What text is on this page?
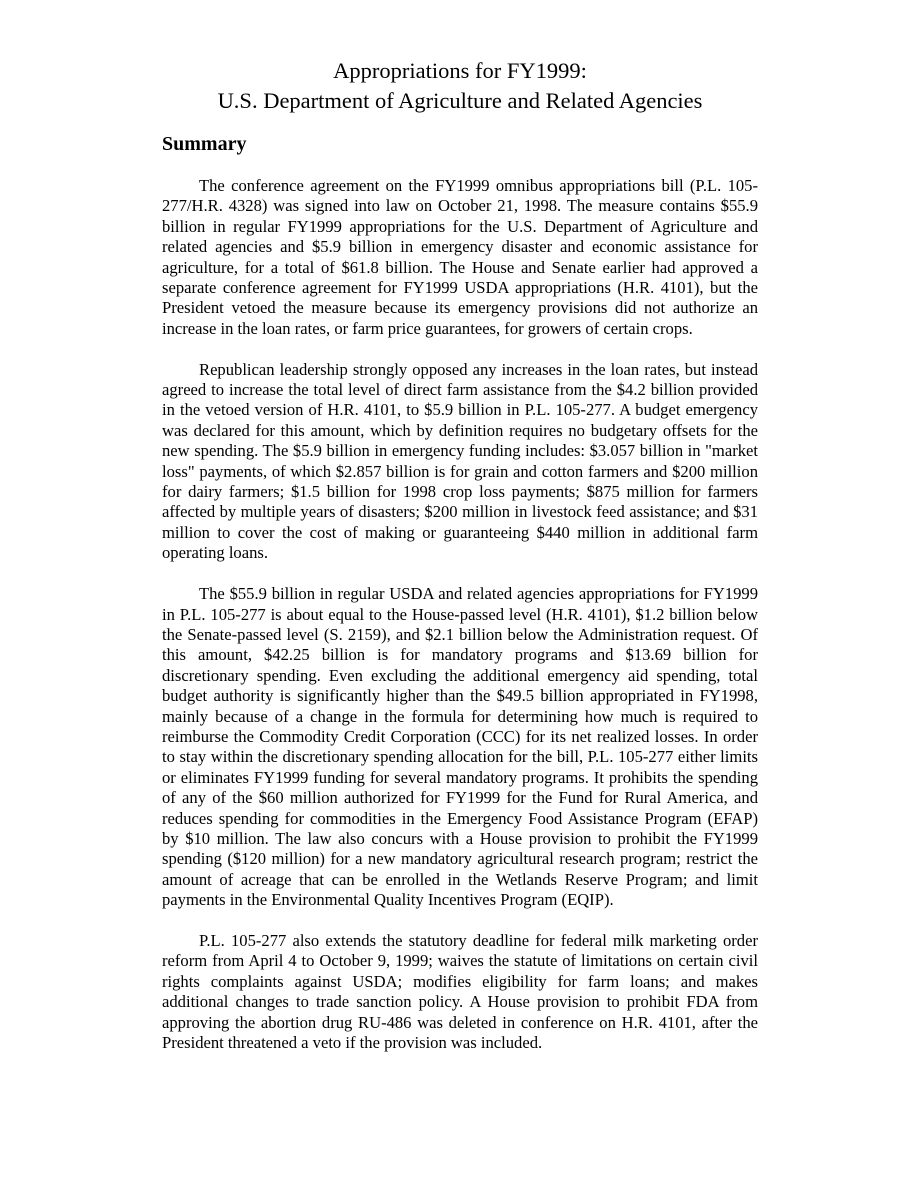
Appropriations for FY1999:
U.S. Department of Agriculture and Related Agencies
Summary

The conference agreement on the FY1999 omnibus appropriations bill (P.L. 105-277/H.R. 4328) was signed into law on October 21, 1998. The measure contains $55.9 billion in regular FY1999 appropriations for the U.S. Department of Agriculture and related agencies and $5.9 billion in emergency disaster and economic assistance for agriculture, for a total of $61.8 billion. The House and Senate earlier had approved a separate conference agreement for FY1999 USDA appropriations (H.R. 4101), but the President vetoed the measure because its emergency provisions did not authorize an increase in the loan rates, or farm price guarantees, for growers of certain crops.

Republican leadership strongly opposed any increases in the loan rates, but instead agreed to increase the total level of direct farm assistance from the $4.2 billion provided in the vetoed version of H.R. 4101, to $5.9 billion in P.L. 105-277. A budget emergency was declared for this amount, which by definition requires no budgetary offsets for the new spending. The $5.9 billion in emergency funding includes: $3.057 billion in "market loss" payments, of which $2.857 billion is for grain and cotton farmers and $200 million for dairy farmers; $1.5 billion for 1998 crop loss payments; $875 million for farmers affected by multiple years of disasters; $200 million in livestock feed assistance; and $31 million to cover the cost of making or guaranteeing $440 million in additional farm operating loans.

The $55.9 billion in regular USDA and related agencies appropriations for FY1999 in P.L. 105-277 is about equal to the House-passed level (H.R. 4101), $1.2 billion below the Senate-passed level (S. 2159), and $2.1 billion below the Administration request. Of this amount, $42.25 billion is for mandatory programs and $13.69 billion for discretionary spending. Even excluding the additional emergency aid spending, total budget authority is significantly higher than the $49.5 billion appropriated in FY1998, mainly because of a change in the formula for determining how much is required to reimburse the Commodity Credit Corporation (CCC) for its net realized losses. In order to stay within the discretionary spending allocation for the bill, P.L. 105-277 either limits or eliminates FY1999 funding for several mandatory programs. It prohibits the spending of any of the $60 million authorized for FY1999 for the Fund for Rural America, and reduces spending for commodities in the Emergency Food Assistance Program (EFAP) by $10 million. The law also concurs with a House provision to prohibit the FY1999 spending ($120 million) for a new mandatory agricultural research program; restrict the amount of acreage that can be enrolled in the Wetlands Reserve Program; and limit payments in the Environmental Quality Incentives Program (EQIP).

P.L. 105-277 also extends the statutory deadline for federal milk marketing order reform from April 4 to October 9, 1999; waives the statute of limitations on certain civil rights complaints against USDA; modifies eligibility for farm loans; and makes additional changes to trade sanction policy. A House provision to prohibit FDA from approving the abortion drug RU-486 was deleted in conference on H.R. 4101, after the President threatened a veto if the provision was included.
